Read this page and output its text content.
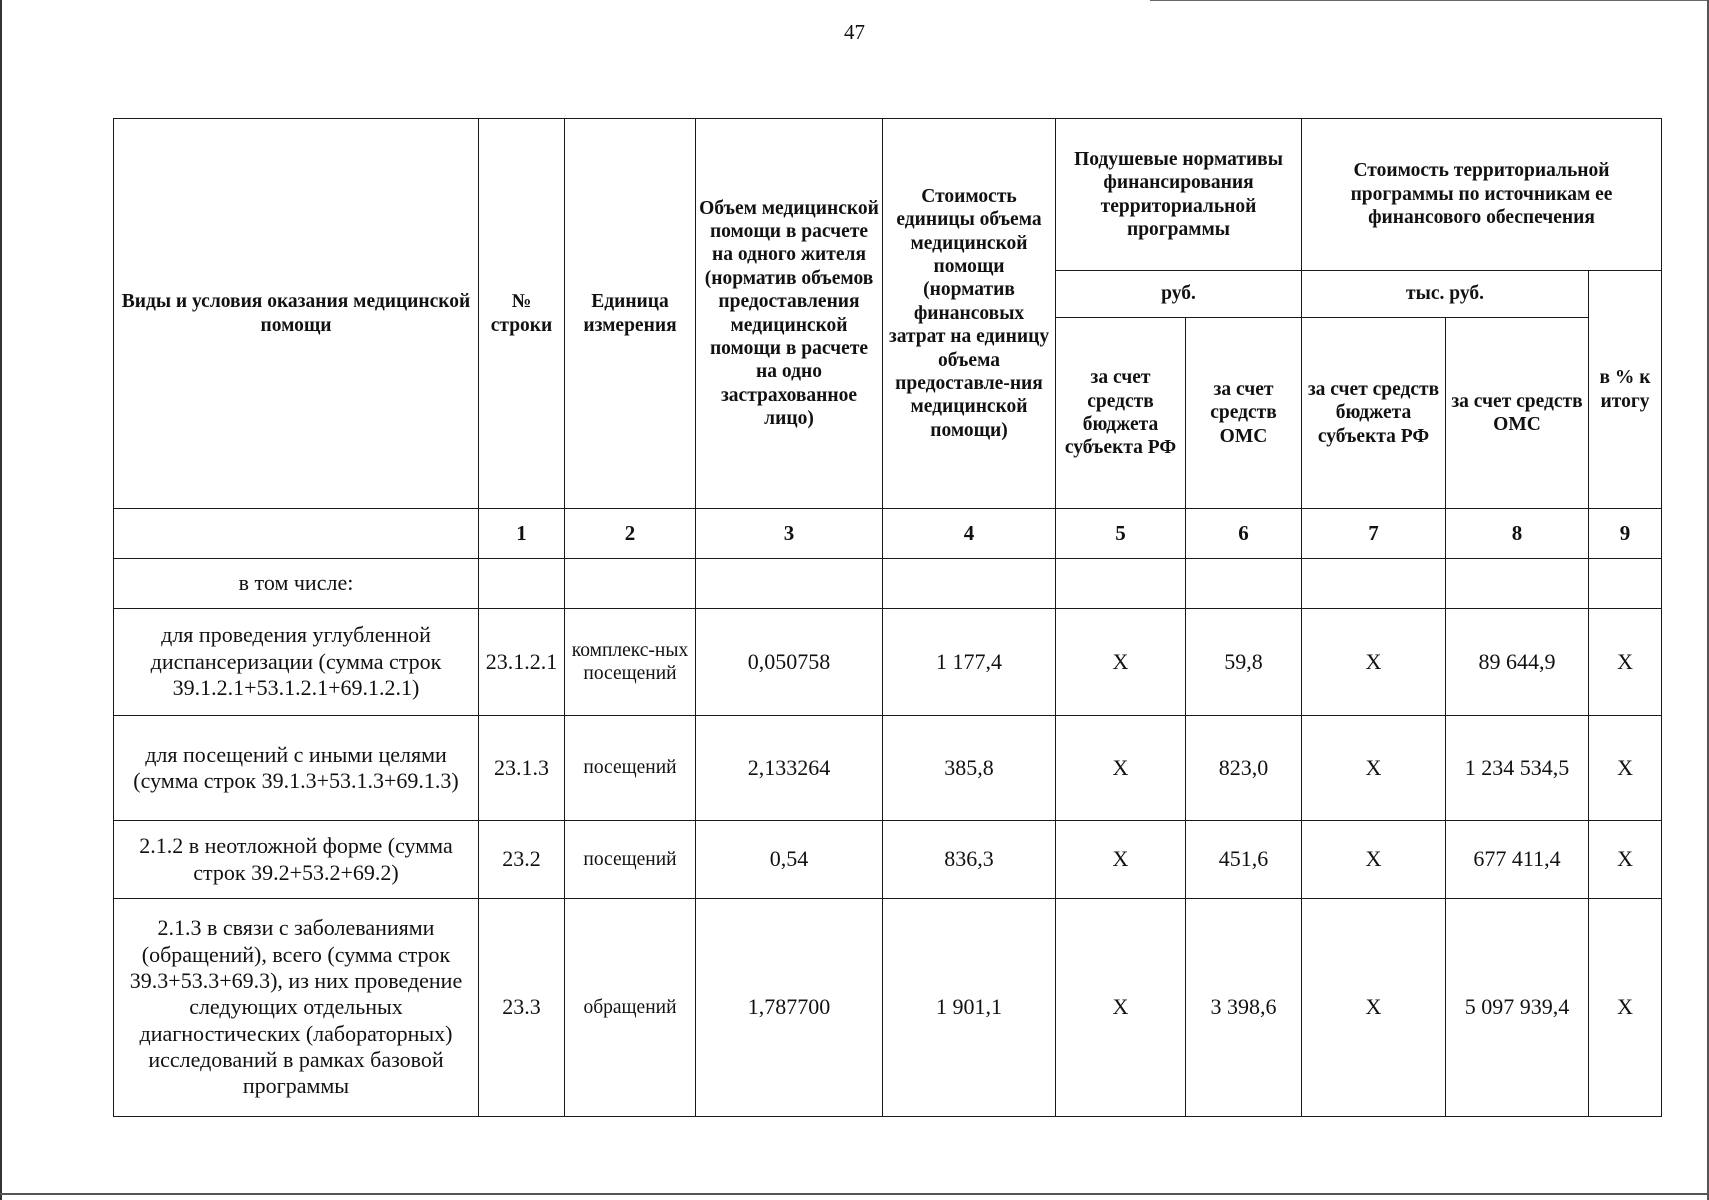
47
Виды и условия оказания медицинской помощи	№ строки	Единица измерения	Объем медицинской помощи в расчете на одного жителя (норматив объемов предоставления медицинской помощи в расчете на одно застрахованное лицо)	Стоимость единицы объема медицинской помощи (норматив финансовых затрат на единицу объема предоставле-ния медицинской помощи)	Подушевые нормативы финансирования территориальной программы		Стоимость территориальной программы по источникам ее финансового обеспечения		
					руб.		тыс. руб.		в % к итогу
					за счет средств бюджета субъекта РФ	за счет средств ОМС	за счет средств бюджета субъекта РФ	за счет средств ОМС	
	1	2	3	4	5	6	7	8	9
в том числе:									
для проведения углубленной диспансеризации (сумма строк 39.1.2.1+53.1.2.1+69.1.2.1)	23.1.2.1	комплекс-ных посещений	0,050758	1 177,4	X	59,8	X	89 644,9	X
для посещений с иными целями (сумма строк 39.1.3+53.1.3+69.1.3)	23.1.3	посещений	2,133264	385,8	X	823,0	X	1 234 534,5	X
2.1.2 в неотложной форме (сумма строк 39.2+53.2+69.2)	23.2	посещений	0,54	836,3	X	451,6	X	677 411,4	X
2.1.3 в связи с заболеваниями (обращений), всего (сумма строк 39.3+53.3+69.3), из них проведение следующих отдельных диагностических (лабораторных) исследований в рамках базовой программы	23.3	обращений	1,787700	1 901,1	X	3 398,6	X	5 097 939,4	X
